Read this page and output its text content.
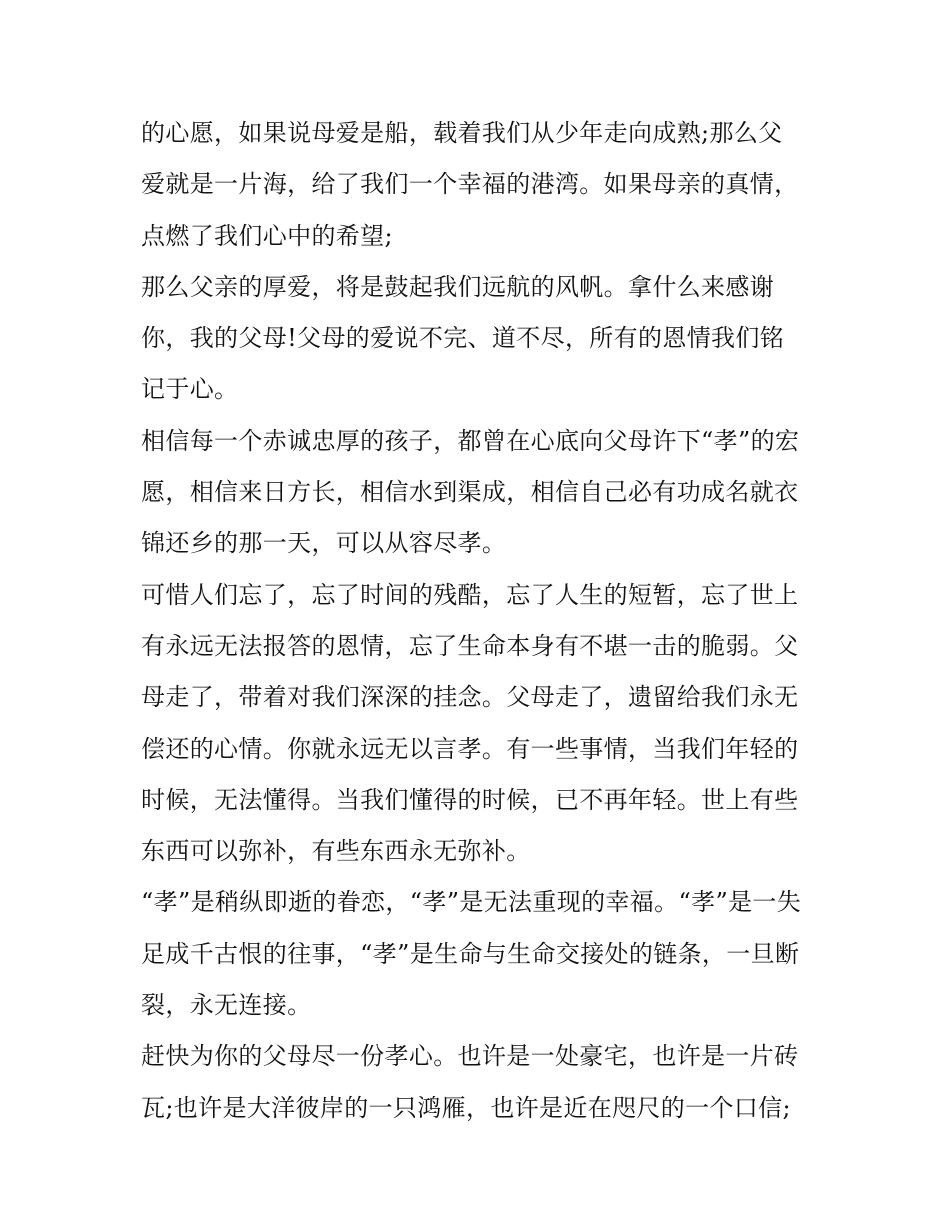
的心愿，如果说母爱是船，载着我们从少年走向成熟;那么父
爱就是一片海，给了我们一个幸福的港湾。如果母亲的真情，
点燃了我们心中的希望;
那么父亲的厚爱，将是鼓起我们远航的风帆。拿什么来感谢
你，我的父母!父母的爱说不完、道不尽，所有的恩情我们铭
记于心。
相信每一个赤诚忠厚的孩子，都曾在心底向父母许下“孝”的宏
愿，相信来日方长，相信水到渠成，相信自己必有功成名就衣
锦还乡的那一天，可以从容尽孝。
可惜人们忘了，忘了时间的残酷，忘了人生的短暂，忘了世上
有永远无法报答的恩情，忘了生命本身有不堪一击的脆弱。父
母走了，带着对我们深深的挂念。父母走了，遗留给我们永无
偿还的心情。你就永远无以言孝。有一些事情，当我们年轻的
时候，无法懂得。当我们懂得的时候，已不再年轻。世上有些
东西可以弥补，有些东西永无弥补。
“孝”是稍纵即逝的眷恋，“孝”是无法重现的幸福。“孝”是一失
足成千古恨的往事，“孝”是生命与生命交接处的链条，一旦断
裂，永无连接。
赶快为你的父母尽一份孝心。也许是一处豪宅，也许是一片砖
瓦;也许是大洋彼岸的一只鸿雁，也许是近在咫尺的一个口信;
